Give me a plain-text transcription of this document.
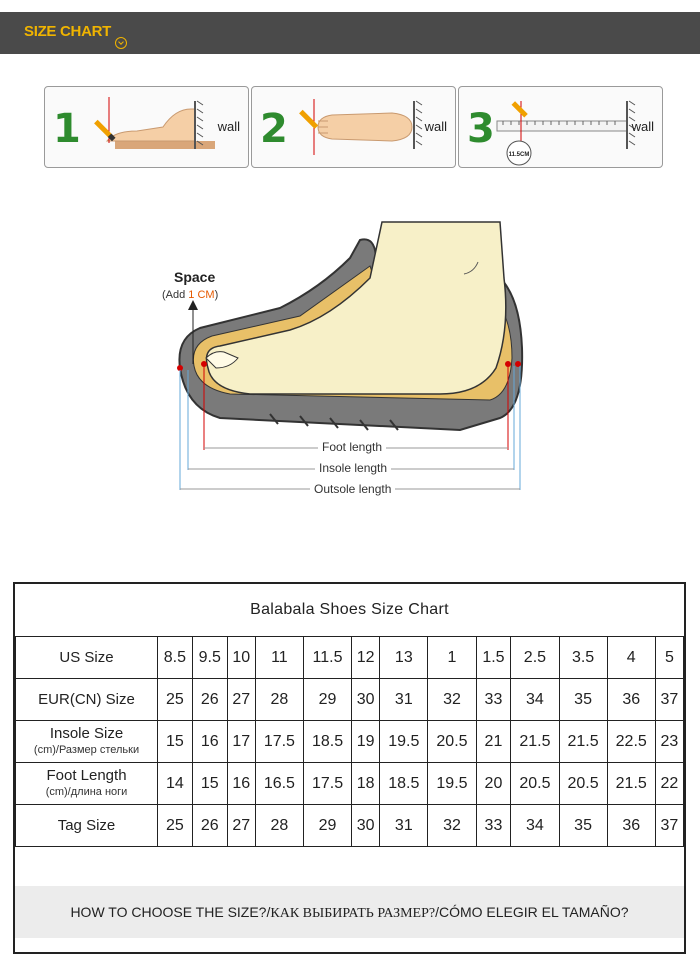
SIZE CHART
1	wall 2	wall
11.5CM
3	wall
Space
(Add 1 CM)
Foot length
Insole length
Outsole length
Balabala Shoes Size Chart
US Size	8.5	9.5	10	11	11.5	12	13	1	1.5	2.5	3.5	4	5
EUR(CN) Size	25	26	27	28	29	30	31	32	33	34	35	36	37
Insole Size
(cm)/Размер стельки	15	16	17	17.5	18.5	19	19.5	20.5	21	21.5	21.5	22.5	23
Foot Length
(cm)/длина ноги	14	15	16	16.5	17.5	18	18.5	19.5	20	20.5	20.5	21.5	22
Tag Size	25	26	27	28	29	30	31	32	33	34	35	36	37
HOW TO CHOOSE THE SIZE?/КАК ВЫБИРАТЬ РАЗМЕР?/CÓMO ELEGIR EL TAMAÑO?
